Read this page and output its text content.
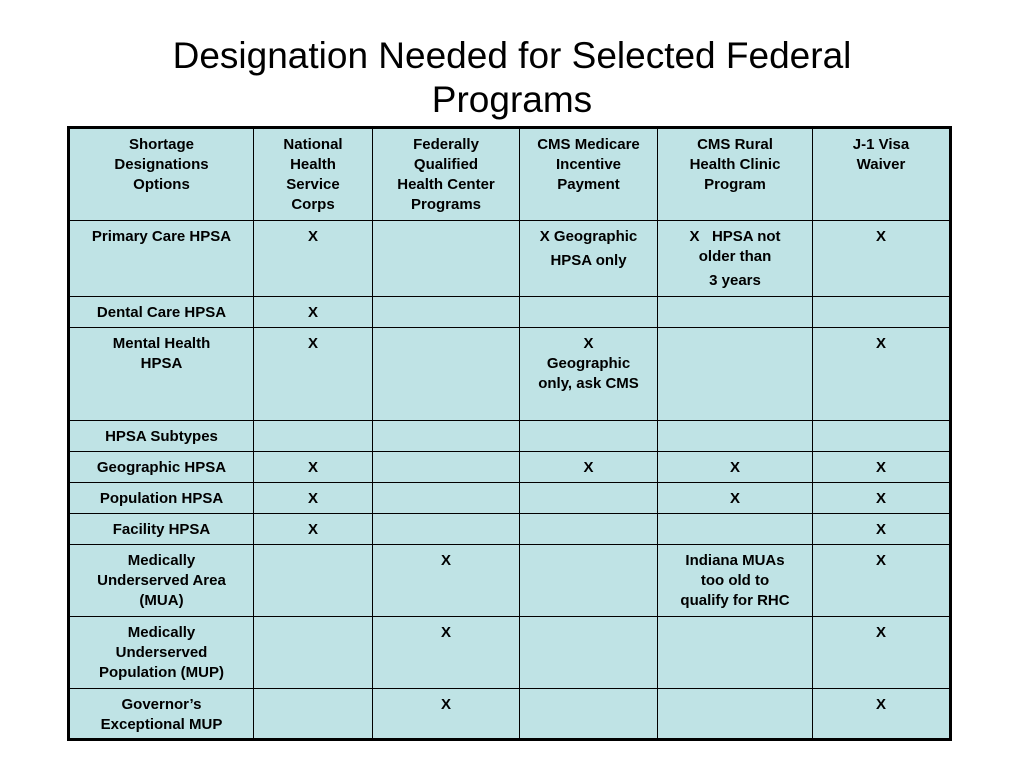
Designation Needed for Selected Federal
Programs
Shortage
Designations
Options	National
Health
Service
Corps	Federally
Qualified
Health Center
Programs	CMS Medicare
Incentive
Payment	CMS Rural
Health Clinic
Program	J-1 Visa
Waiver

Primary Care HPSA	X		X Geographic
HPSA only	X   HPSA not
older than
3 years	X

Dental Care HPSA	X				

Mental Health
HPSA	X		X
Geographic
only, ask CMS		X

HPSA Subtypes					

Geographic HPSA	X		X	X	X

Population HPSA	X			X	X

Facility HPSA	X				X

Medically
Underserved Area
(MUA)		X		Indiana MUAs
too old to
qualify for RHC	X

Medically
Underserved
Population (MUP)		X			X

Governor’s
Exceptional MUP		X			X
